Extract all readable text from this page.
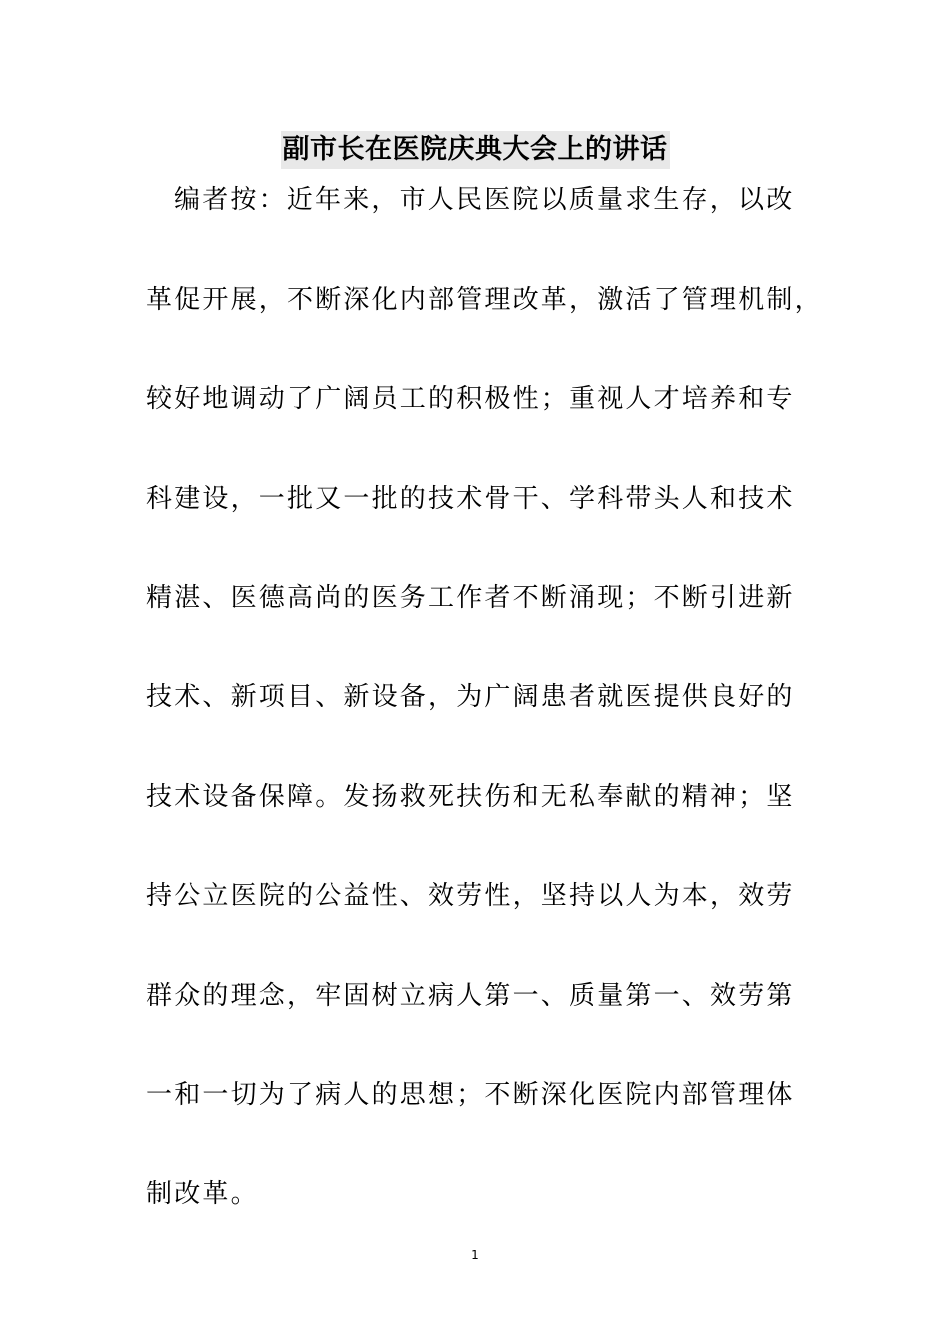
副市长在医院庆典大会上的讲话
编者按：近年来，市人民医院以质量求生存，以改
革促开展，不断深化内部管理改革，激活了管理机制，
较好地调动了广阔员工的积极性；重视人才培养和专
科建设，一批又一批的技术骨干、学科带头人和技术
精湛、医德高尚的医务工作者不断涌现；不断引进新
技术、新项目、新设备，为广阔患者就医提供良好的
技术设备保障。发扬救死扶伤和无私奉献的精神；坚
持公立医院的公益性、效劳性，坚持以人为本，效劳
群众的理念，牢固树立病人第一、质量第一、效劳第
一和一切为了病人的思想；不断深化医院内部管理体
制改革。
1
